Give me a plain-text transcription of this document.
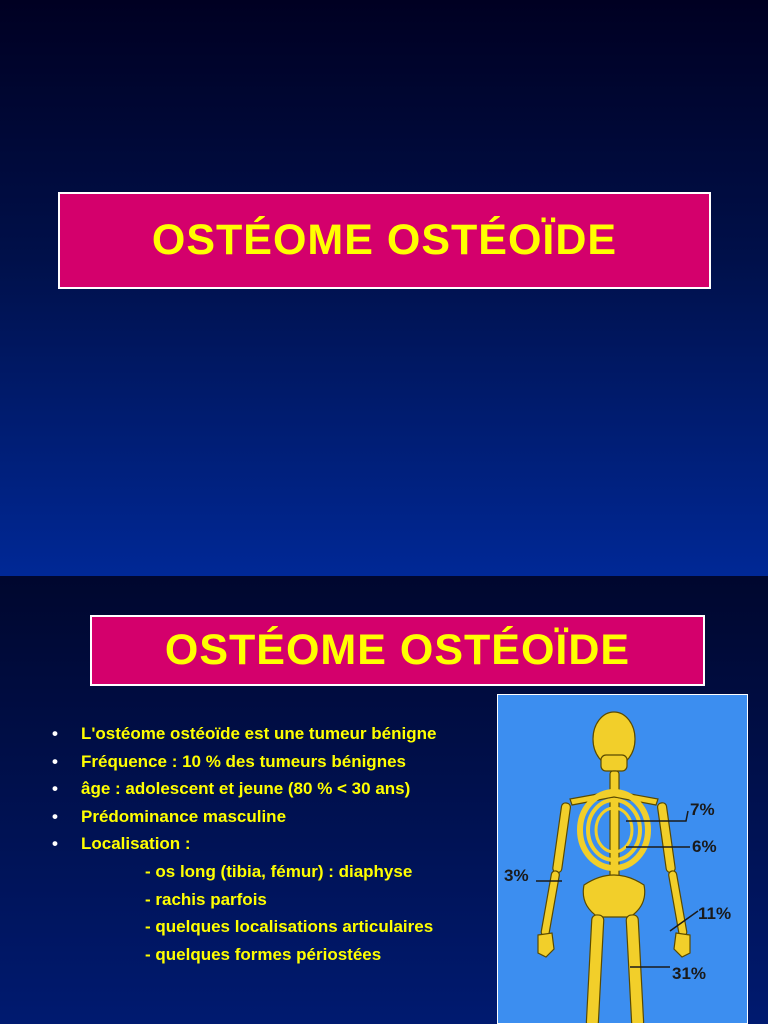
OSTÉOME OSTÉOÏDE
OSTÉOME OSTÉOÏDE
• L'ostéome ostéoïde est une tumeur bénigne
• Fréquence : 10 % des tumeurs bénignes
• âge : adolescent et jeune (80 % < 30 ans)
• Prédominance masculine
• Localisation :
- os long (tibia, fémur) : diaphyse
- rachis parfois
- quelques localisations articulaires
- quelques formes périostées
7%
6%
3%
11%
31%
